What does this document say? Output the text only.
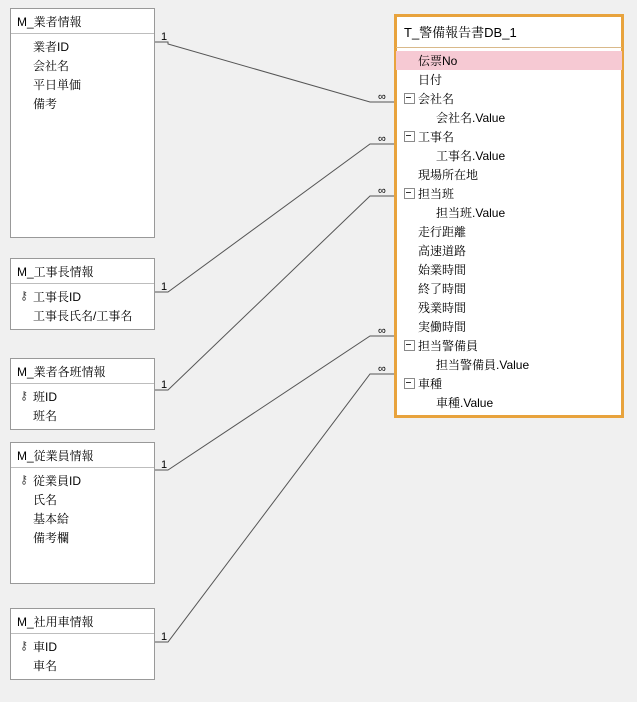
1
∞
1
∞
1
∞
1
∞
1
∞
M_業者情報
業者ID
会社名
平日単価
備考
M_工事長情報
⚷ 工事長ID
工事長氏名/工事名
M_業者各班情報
⚷ 班ID
班名
M_従業員情報
⚷ 従業員ID
氏名
基本給
備考欄
M_社用車情報
⚷ 車ID
車名
T_警備報告書DB_1
伝票No
日付
会社名
会社名.Value
工事名
工事名.Value
現場所在地
担当班
担当班.Value
走行距離
高速道路
始業時間
終了時間
残業時間
実働時間
担当警備員
担当警備員.Value
車種
車種.Value
